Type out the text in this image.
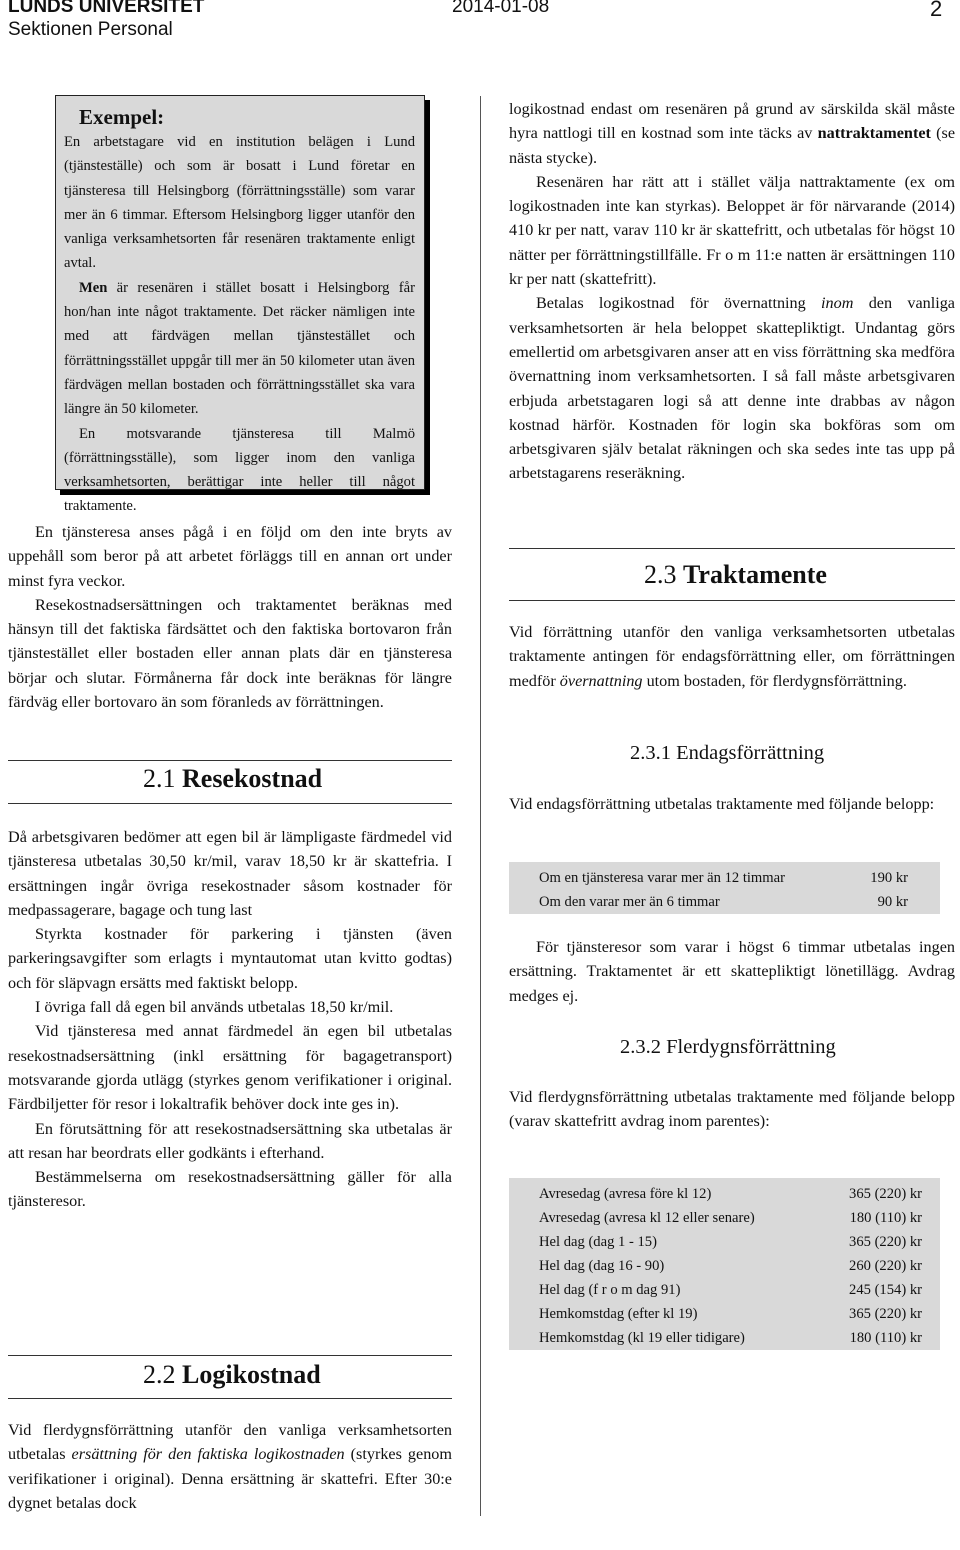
LUNDS UNIVERSITET
Sektionen Personal
2014-01-08	2
Exempel:

En arbetstagare vid en institution belägen i Lund (tjänsteställe) och som är bosatt i Lund företar en tjänsteresa till Helsingborg (förrättningsställe) som varar mer än 6 timmar. Eftersom Helsingborg ligger utanför den vanliga verksamhetsorten får resenären traktamente enligt avtal.

Men är resenären i stället bosatt i Helsingborg får hon/han inte något traktamente. Det räcker nämligen inte med att färdvägen mellan tjänstestället och förrättningsstället uppgår till mer än 50 kilometer utan även färdvägen mellan bostaden och förrättningsstället ska vara längre än 50 kilometer.

En motsvarande tjänsteresa till Malmö (förrättningsställe), som ligger inom den vanliga verksamhetsorten, berättigar inte heller till något traktamente.

En tjänsteresa anses pågå i en följd om den inte bryts av uppehåll som beror på att arbetet förläggs till en annan ort under minst fyra veckor.

Resekostnadsersättningen och traktamentet beräknas med hänsyn till det faktiska färdsättet och den faktiska bortovaron från tjänstestället eller bostaden eller annan plats där en tjänsteresa börjar och slutar. Förmånerna får dock inte beräknas för längre färdväg eller bortovaro än som föranleds av förrättningen.

2.1 Resekostnad

Då arbetsgivaren bedömer att egen bil är lämpligaste färdmedel vid tjänsteresa utbetalas 30,50 kr/mil, varav 18,50 kr är skattefria. I ersättningen ingår övriga resekostnader såsom kostnader för medpassagerare, bagage och tung last

Styrkta kostnader för parkering i tjänsten (även parkeringsavgifter som erlagts i myntautomat utan kvitto godtas) och för släpvagn ersätts med faktiskt belopp.

I övriga fall då egen bil används utbetalas 18,50 kr/mil.

Vid tjänsteresa med annat färdmedel än egen bil utbetalas resekostnadsersättning (inkl ersättning för bagagetransport) motsvarande gjorda utlägg (styrkes genom verifikationer i original. Färdbiljetter för resor i lokaltrafik behöver dock inte ges in).

En förutsättning för att resekostnadsersättning ska utbetalas är att resan har beordrats eller godkänts i efterhand.

Bestämmelserna om resekostnadsersättning gäller för alla tjänsteresor.

2.2 Logikostnad

Vid flerdygnsförrättning utanför den vanliga verksamhetsorten utbetalas ersättning för den faktiska logikostnaden (styrkes genom verifikationer i original). Denna ersättning är skattefri. Efter 30:e dygnet betalas dock

logikostnad endast om resenären på grund av särskilda skäl måste hyra nattlogi till en kostnad som inte täcks av nattraktamentet (se nästa stycke).

Resenären har rätt att i stället välja nattraktamente (ex om logikostnaden inte kan styrkas). Beloppet är för närvarande (2014) 410 kr per natt, varav 110 kr är skattefritt, och utbetalas för högst 10 nätter per förrättningstillfälle. Fr o m 11:e natten är ersättningen 110 kr per natt (skattefritt).

Betalas logikostnad för övernattning inom den vanliga verksamhetsorten är hela beloppet skattepliktigt. Undantag görs emellertid om arbetsgivaren anser att en viss förrättning ska medföra övernattning inom verksamhetsorten. I så fall måste arbetsgivaren erbjuda arbetstagaren logi så att denne inte drabbas av någon kostnad härför. Kostnaden för login ska bokföras som om arbetsgivaren själv betalat räkningen och ska sedes inte tas upp på arbetstagarens reseräkning.

2.3 Traktamente

Vid förrättning utanför den vanliga verksamhetsorten utbetalas traktamente antingen för endagsförrättning eller, om förrättningen medför övernattning utom bostaden, för flerdygnsförrättning.

2.3.1 Endagsförrättning

Vid endagsförrättning utbetalas traktamente med följande belopp:

Om en tjänsteresa varar mer än 12 timmar	190 kr
Om den varar mer än 6 timmar	90 kr

För tjänsteresor som varar i högst 6 timmar utbetalas ingen ersättning. Traktamentet är ett skattepliktigt lönetillägg. Avdrag medges ej.

2.3.2 Flerdygnsförrättning

Vid flerdygnsförrättning utbetalas traktamente med följande belopp (varav skattefritt avdrag inom parentes):

Avresedag (avresa före kl 12)	365 (220) kr
Avresedag (avresa kl 12 eller senare)	180 (110) kr
Hel dag (dag 1 - 15)	365 (220) kr
Hel dag (dag 16 - 90)	260 (220) kr
Hel dag (f r o m dag 91)	245 (154) kr
Hemkomstdag (efter kl 19)	365 (220) kr
Hemkomstdag (kl 19 eller tidigare)	180 (110) kr
